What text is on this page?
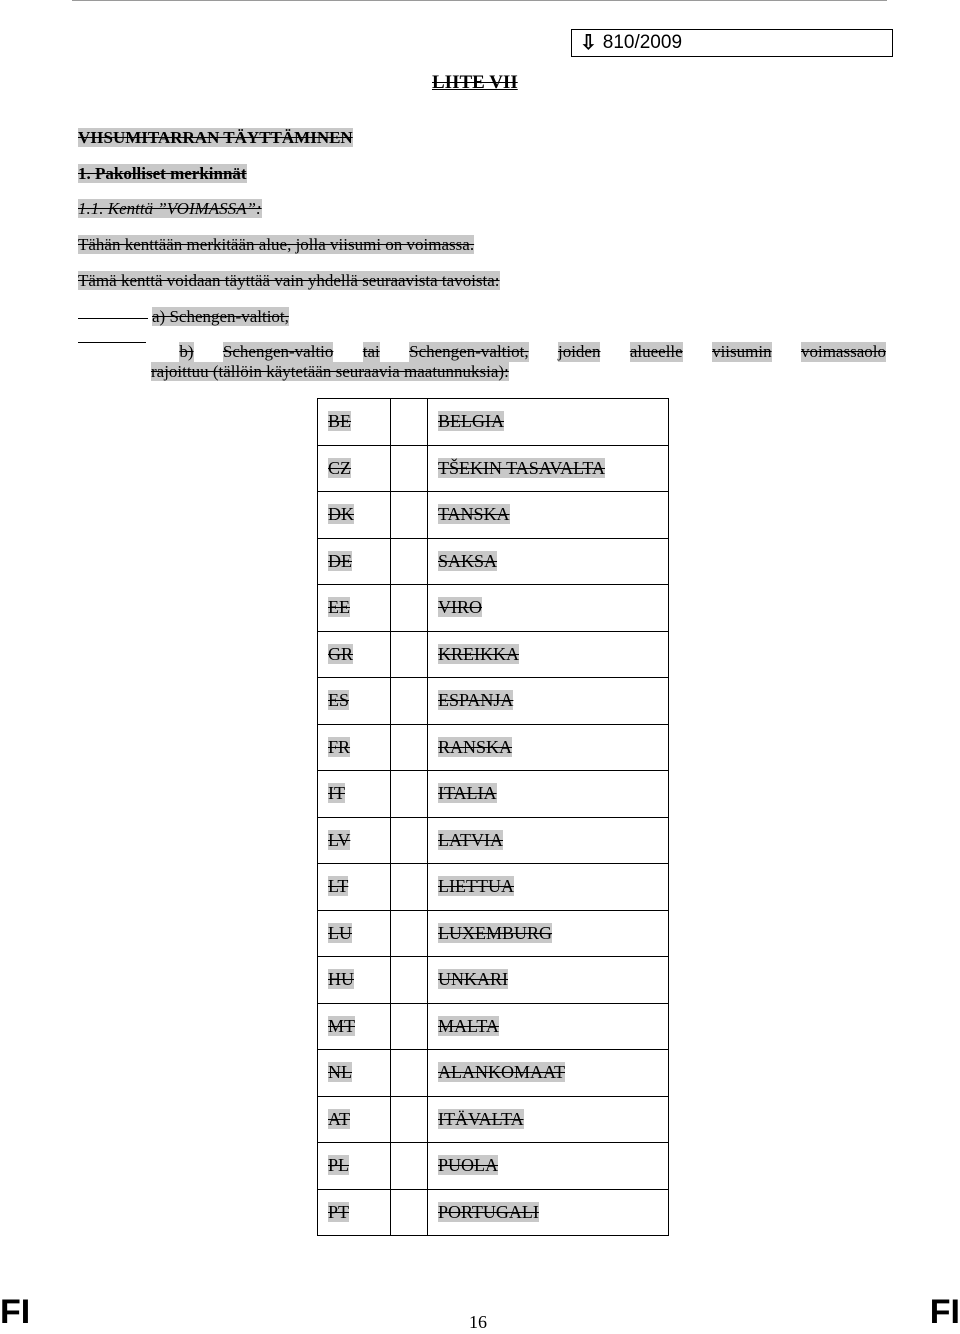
⇩ 810/2009
LIITE VII
VIISUMITARRAN TÄYTTÄMINEN
1. Pakolliset merkinnät
1.1. Kenttä ”VOIMASSA”:
Tähän kenttään merkitään alue, jolla viisumi on voimassa.
Tämä kenttä voidaan täyttää vain yhdellä seuraavista tavoista:
a) Schengen-valtiot,
b) Schengen-valtio tai Schengen-valtiot, joiden alueelle viisumin voimassaolo
rajoittuu (tällöin käytetään seuraavia maatunnuksia):
BE		BELGIA
CZ		TŠEKIN TASAVALTA
DK		TANSKA
DE		SAKSA
EE		VIRO
GR		KREIKKA
ES		ESPANJA
FR		RANSKA
IT		ITALIA
LV		LATVIA
LT		LIETTUA
LU		LUXEMBURG
HU		UNKARI
MT		MALTA
NL		ALANKOMAAT
AT		ITÄVALTA
PL		PUOLA
PT		PORTUGALI
FI	16	FI
